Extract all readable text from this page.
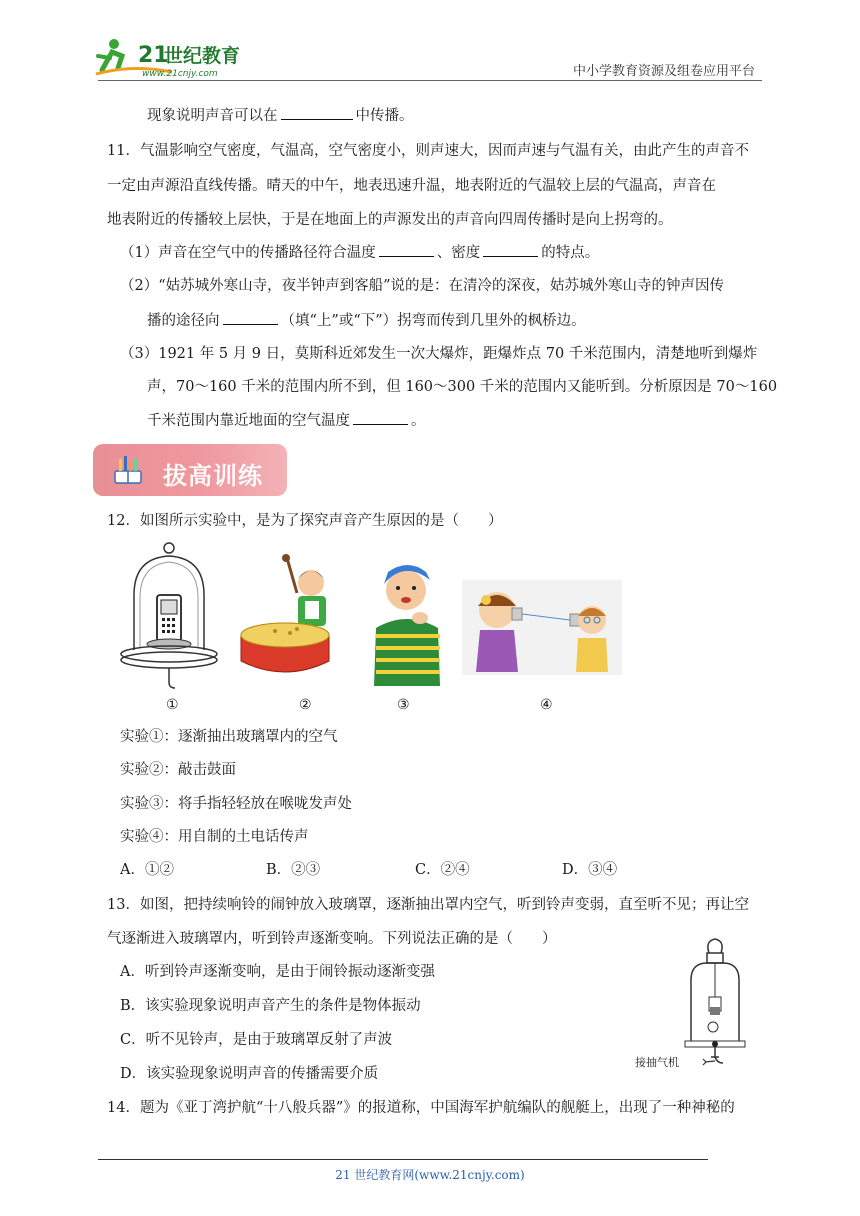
21
世纪教育
www.21cnjy.com	中小学教育资源及组卷应用平台
现象说明声音可以在	中传播。
11．气温影响空气密度，气温高，空气密度小，则声速大，因而声速与气温有关，由此产生的声音不
一定由声源沿直线传播。晴天的中午，地表迅速升温，地表附近的气温较上层的气温高，声音在
地表附近的传播较上层快，于是在地面上的声源发出的声音向四周传播时是向上拐弯的。
（1）声音在空气中的传播路径符合温度	、密度	的特点。
（2）“姑苏城外寒山寺，夜半钟声到客船”说的是：在清冷的深夜，姑苏城外寒山寺的钟声因传
播的途径向	（填“上”或“下”）拐弯而传到几里外的枫桥边。
（3）1921 年 5 月 9 日，莫斯科近郊发生一次大爆炸，距爆炸点 70 千米范围内，清楚地听到爆炸
声，70～160 千米的范围内所不到，但 160～300 千米的范围内又能听到。分析原因是 70～160
千米范围内靠近地面的空气温度	。
拔高训练
12．如图所示实验中，是为了探究声音产生原因的是（　　）
①	②	③	④
实验①：逐渐抽出玻璃罩内的空气
实验②：敲击鼓面
实验③：将手指轻轻放在喉咙发声处
实验④：用自制的土电话传声
A．①②	B．②③	C．②④	D．③④
13．如图，把持续响铃的闹钟放入玻璃罩，逐渐抽出罩内空气，听到铃声变弱，直至听不见；再让空
气逐渐进入玻璃罩内，听到铃声逐渐变响。下列说法正确的是（　　）
A．听到铃声逐渐变响，是由于闹铃振动逐渐变强
B．该实验现象说明声音产生的条件是物体振动
C．听不见铃声，是由于玻璃罩反射了声波
D．该实验现象说明声音的传播需要介质
接抽气机
14．题为《亚丁湾护航“十八般兵器”》的报道称，中国海军护航编队的舰艇上，出现了一种神秘的
21 世纪教育网(www.21cnjy.com)
